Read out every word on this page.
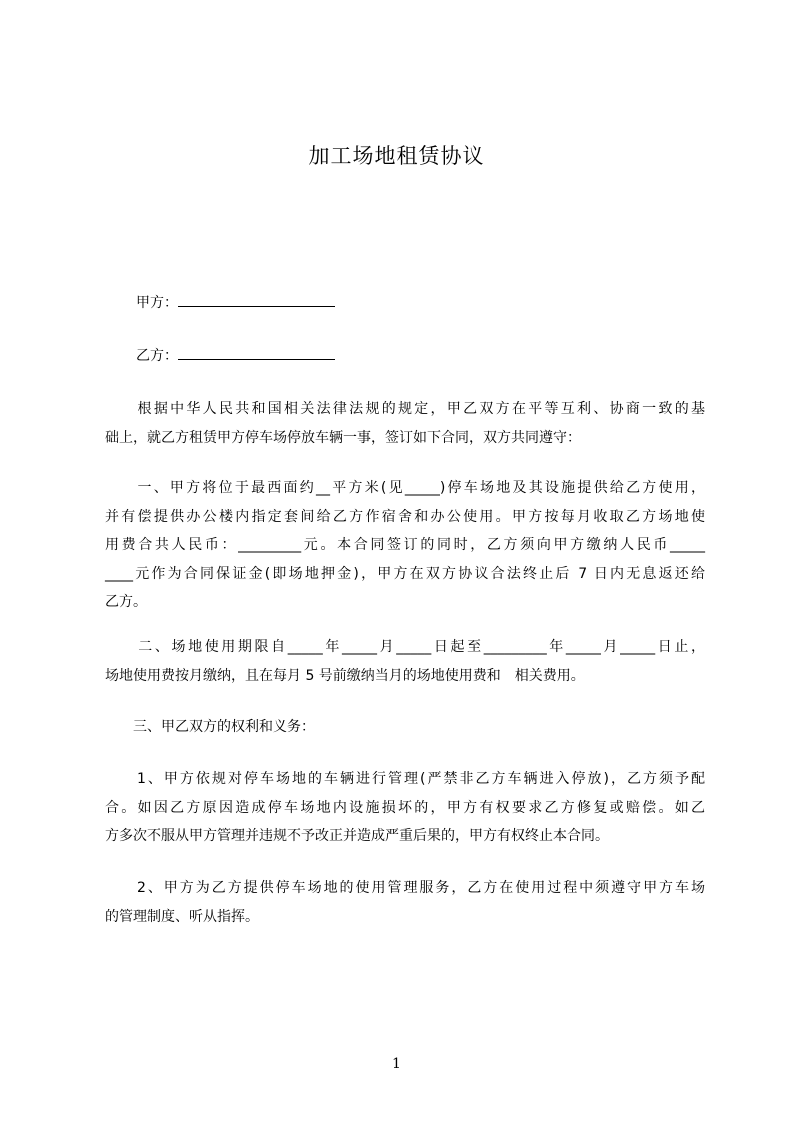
加工场地租赁协议
甲方：
乙方：
　　根据中华人民共和国相关法律法规的规定，甲乙双方在平等互利、协商一致的基
础上，就乙方租赁甲方停车场停放车辆一事，签订如下合同，双方共同遵守：
　　一、甲方将位于最西面约__平方米(见_____)停车场地及其设施提供给乙方使用，
并有偿提供办公楼内指定套间给乙方作宿舍和办公使用。甲方按每月收取乙方场地使
用费合共人民币：_________元。本合同签订的同时，乙方须向甲方缴纳人民币_____
____元作为合同保证金(即场地押金)，甲方在双方协议合法终止后 7 日内无息返还给
乙方。
　　二、场地使用期限自_____年_____月_____日起至_________年_____月_____日止，
场地使用费按月缴纳，且在每月 5 号前缴纳当月的场地使用费和　相关费用。
　　三、甲乙双方的权利和义务：
　　1、甲方依规对停车场地的车辆进行管理(严禁非乙方车辆进入停放)，乙方须予配
合。如因乙方原因造成停车场地内设施损坏的，甲方有权要求乙方修复或赔偿。如乙
方多次不服从甲方管理并违规不予改正并造成严重后果的，甲方有权终止本合同。
　　2、甲方为乙方提供停车场地的使用管理服务，乙方在使用过程中须遵守甲方车场
的管理制度、听从指挥。
1
